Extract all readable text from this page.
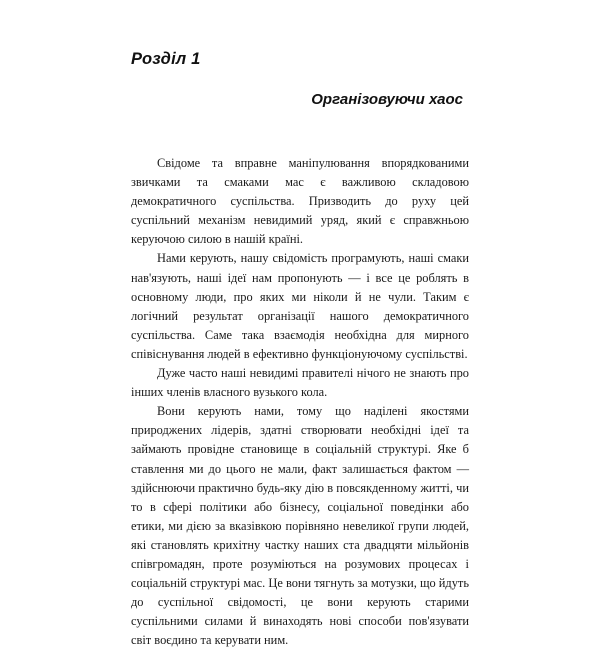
Розділ 1
Організовуючи хаос

Свідоме та вправне маніпулювання впорядкованими звичками та смаками мас є важливою складовою демократичного суспільства. Призводить до руху цей суспільний механізм невидимий уряд, який є справжньою керуючою силою в нашій країні.

Нами керують, нашу свідомість програмують, наші смаки нав'язують, наші ідеї нам пропонують — і все це роблять в основному люди, про яких ми ніколи й не чули. Таким є логічний результат організації нашого демократичного суспільства. Саме така взаємодія необхідна для мирного співіснування людей в ефективно функціонуючому суспільстві.

Дуже часто наші невидимі правителі нічого не знають про інших членів власного вузького кола.

Вони керують нами, тому що наділені якостями природжених лідерів, здатні створювати необхідні ідеї та займають провідне становище в соціальній структурі. Яке б ставлення ми до цього не мали, факт залишається фактом — здійснюючи практично будь-яку дію в повсякденному житті, чи то в сфері політики або бізнесу, соціальної поведінки або етики, ми дією за вказівкою порівняно невеликої групи людей, які становлять крихітну частку наших ста двадцяти мільйонів співгромадян, проте розуміються на розумових процесах і соціальній структурі мас. Це вони тягнуть за мотузки, що йдуть до суспільної свідомості, це вони керують старими суспільними силами й винаходять нові способи пов'язувати світ воєдино та керувати ним.
